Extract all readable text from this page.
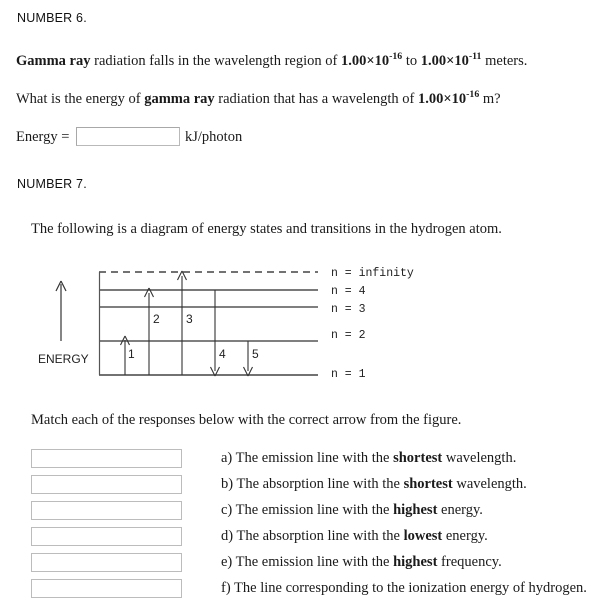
NUMBER 6.
Gamma ray radiation falls in the wavelength region of $1.00\times 10^{-16}$ to $1.00\times 10^{-11}$ meters.
What is the energy of gamma ray radiation that has a wavelength of $1.00\times 10^{-16}$ m?
Energy =	kJ/photon
NUMBER 7.
The following is a diagram of energy states and transitions in the hydrogen atom.
ENERGY	1
2 3
4 5
n = infinity
n = 4
n = 3
n = 2
n = 1
Match each of the responses below with the correct arrow from the figure.
a) The emission line with the shortest wavelength.
b) The absorption line with the shortest wavelength.
c) The emission line with the highest energy.
d) The absorption line with the lowest energy.
e) The emission line with the highest frequency.
f) The line corresponding to the ionization energy of hydrogen.
